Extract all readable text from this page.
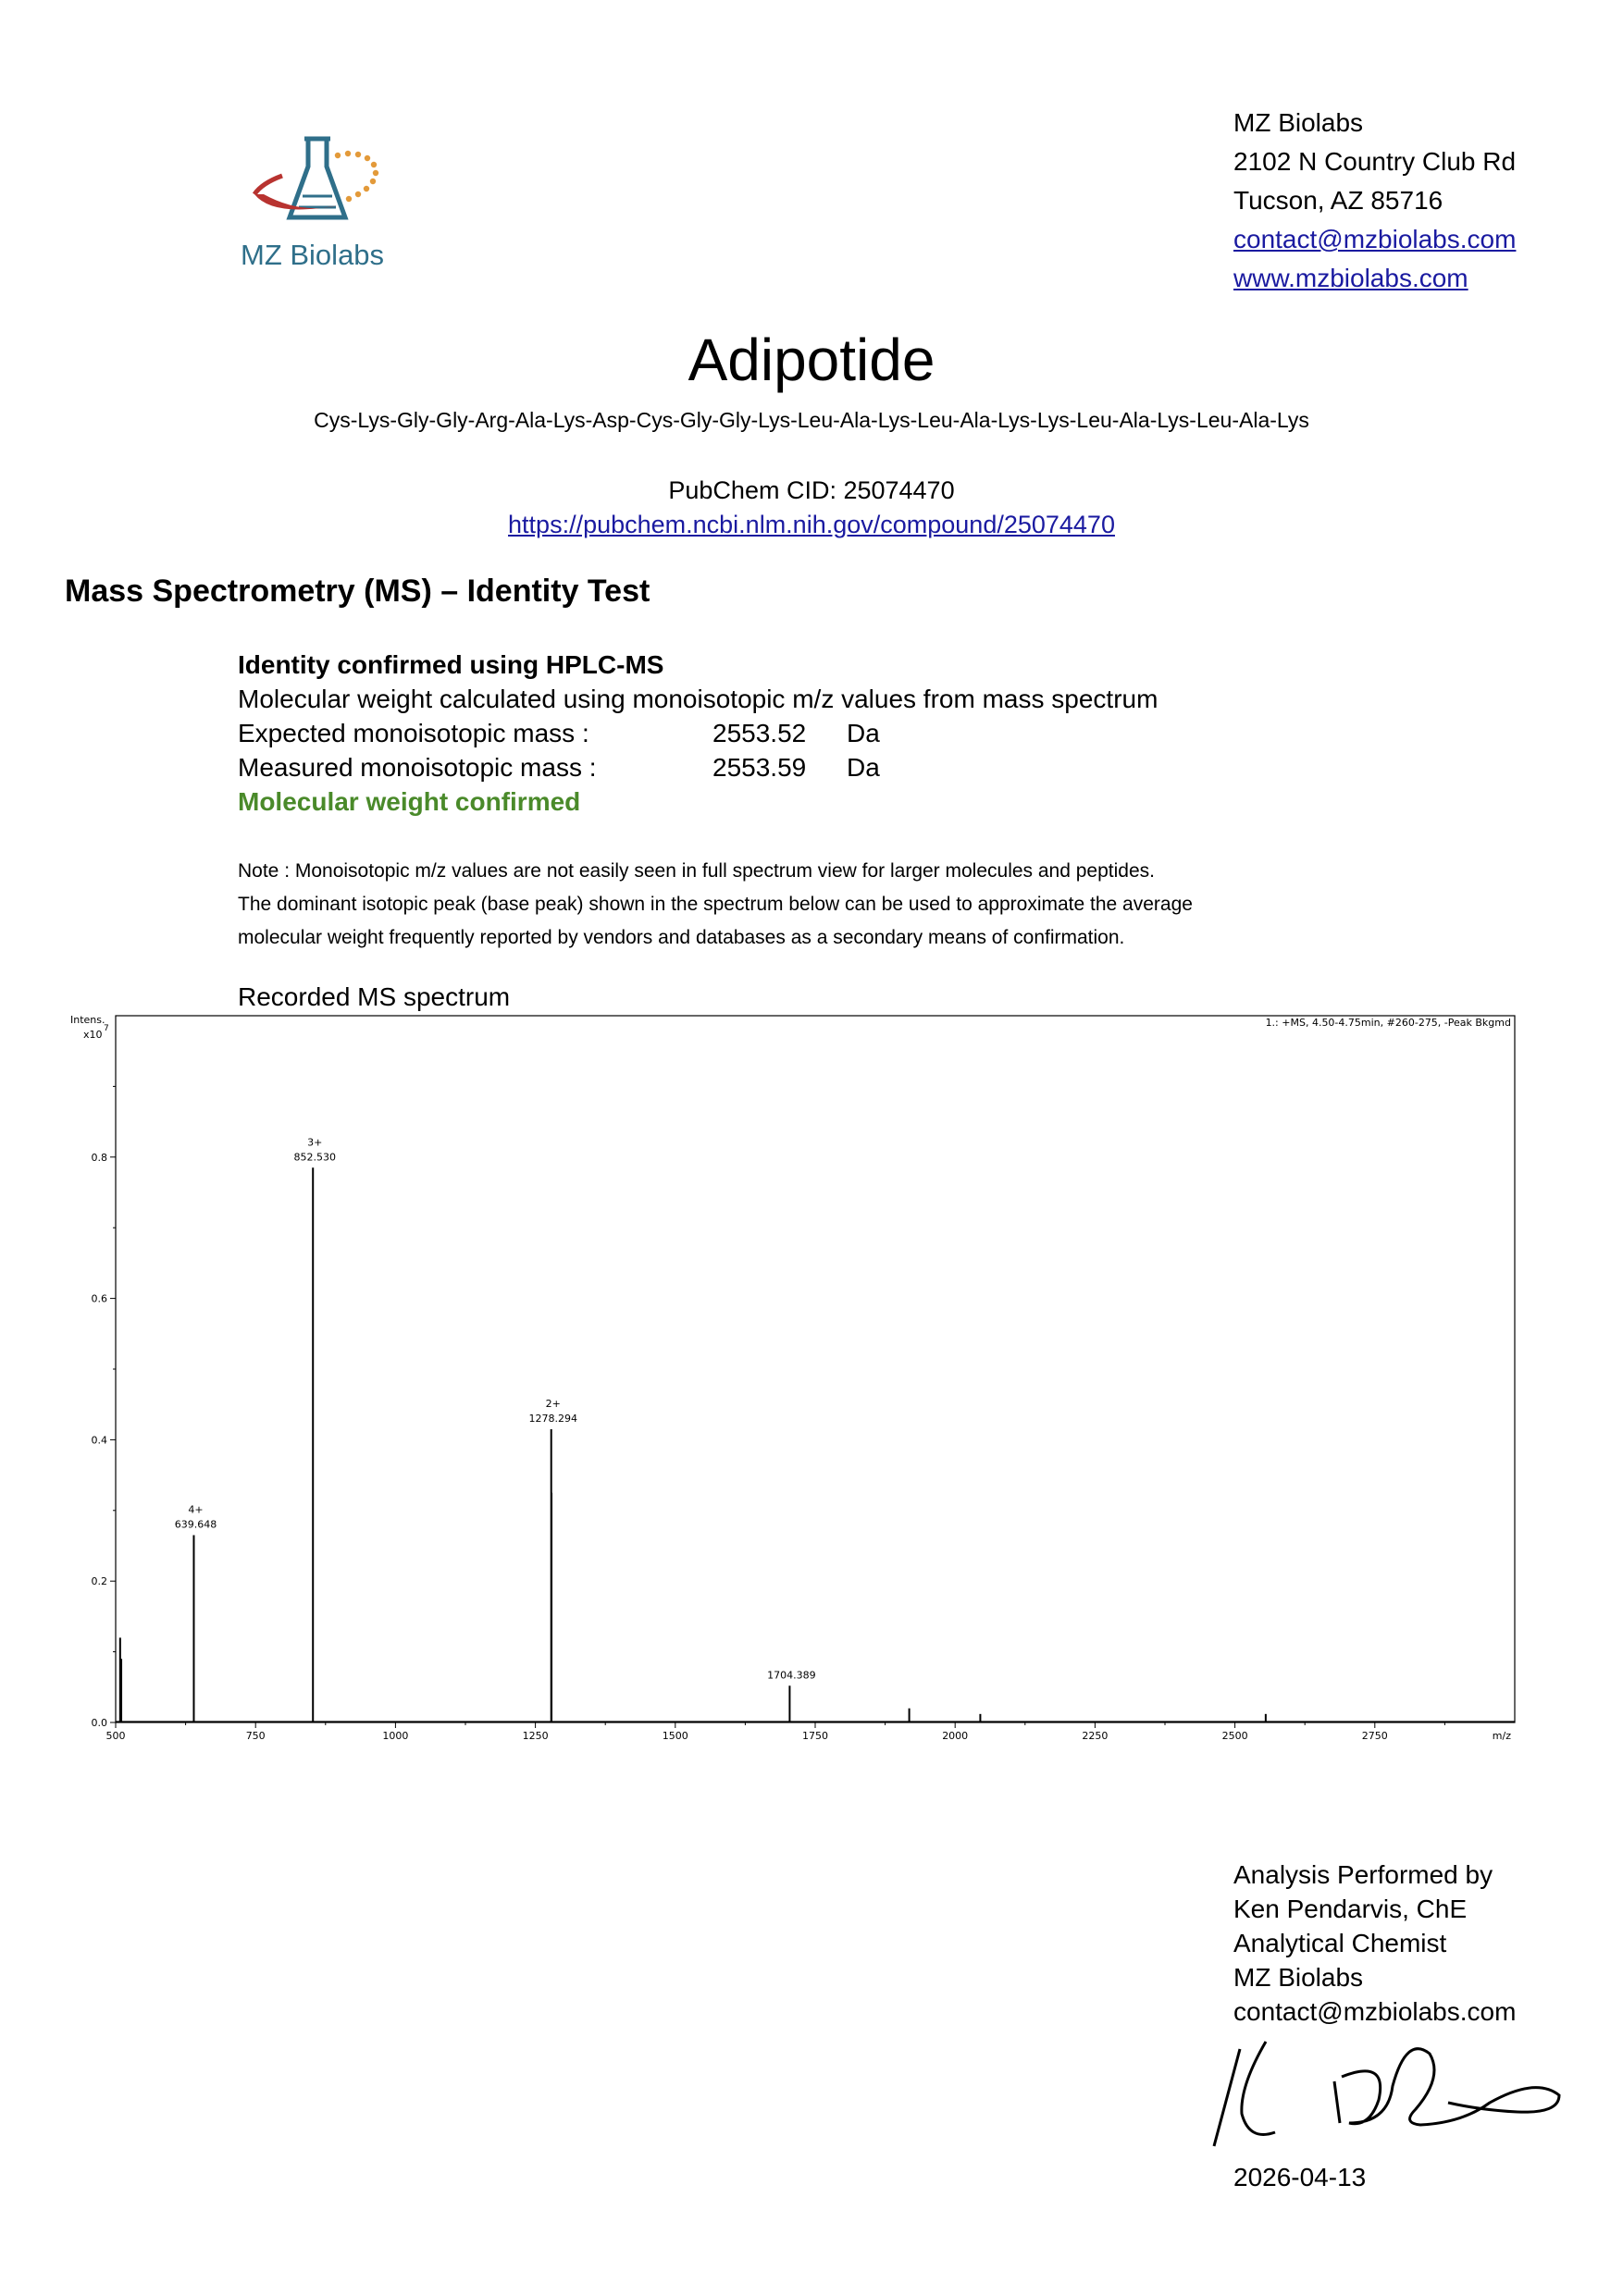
MZ Biolabs
MZ Biolabs
2102 N Country Club Rd
Tucson, AZ 85716
contact@mzbiolabs.com
www.mzbiolabs.com
Adipotide
Cys-Lys-Gly-Gly-Arg-Ala-Lys-Asp-Cys-Gly-Gly-Lys-Leu-Ala-Lys-Leu-Ala-Lys-Lys-Leu-Ala-Lys-Leu-Ala-Lys
PubChem CID: 25074470
https://pubchem.ncbi.nlm.nih.gov/compound/25074470
Mass Spectrometry (MS) – Identity Test
Identity confirmed using HPLC-MS
Molecular weight calculated using monoisotopic m/z values from mass spectrum
Expected monoisotopic mass :	2553.52 Da
Measured monoisotopic mass :	2553.59 Da
Molecular weight confirmed
Note : Monoisotopic m/z values are not easily seen in full spectrum view for larger molecules and peptides.
The dominant isotopic peak (base peak) shown in the spectrum below can be used to approximate the average
molecular weight frequently reported by vendors and databases as a secondary means of confirmation.
Recorded MS spectrum
1.: +MS, 4.50-4.75min, #260-275, -Peak Bkgmd
Intens.
x10 7
0.0
0.2
0.4
0.6
0.8
500	750	1000	1250	1500	1750	2000	2250	2500	2750	m/z
4+
639.648
3+
852.530
2+
1278.294
1704.389
Analysis Performed by
Ken Pendarvis, ChE
Analytical Chemist
MZ Biolabs
contact@mzbiolabs.com
2026-04-13
